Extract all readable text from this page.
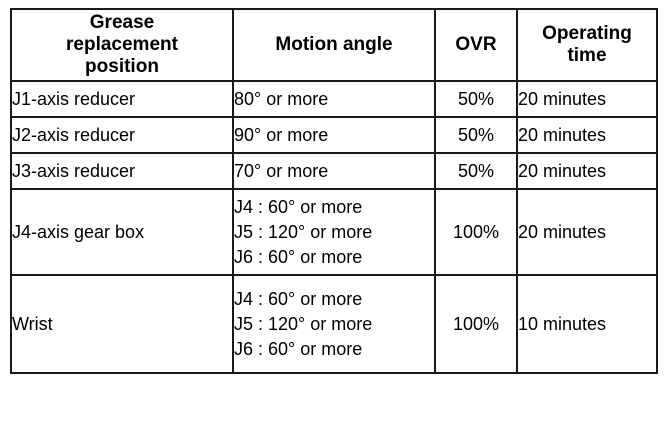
Grease
replacement
position	Motion angle	OVR	Operating
time

J1-axis reducer	80° or more	50%	20 minutes
J2-axis reducer	90° or more	50%	20 minutes
J3-axis reducer	70° or more	50%	20 minutes
J4-axis gear box	J4 : 60° or more
J5 : 120° or more
J6 : 60° or more	100%	20 minutes
Wrist	J4 : 60° or more
J5 : 120° or more
J6 : 60° or more	100%	10 minutes
